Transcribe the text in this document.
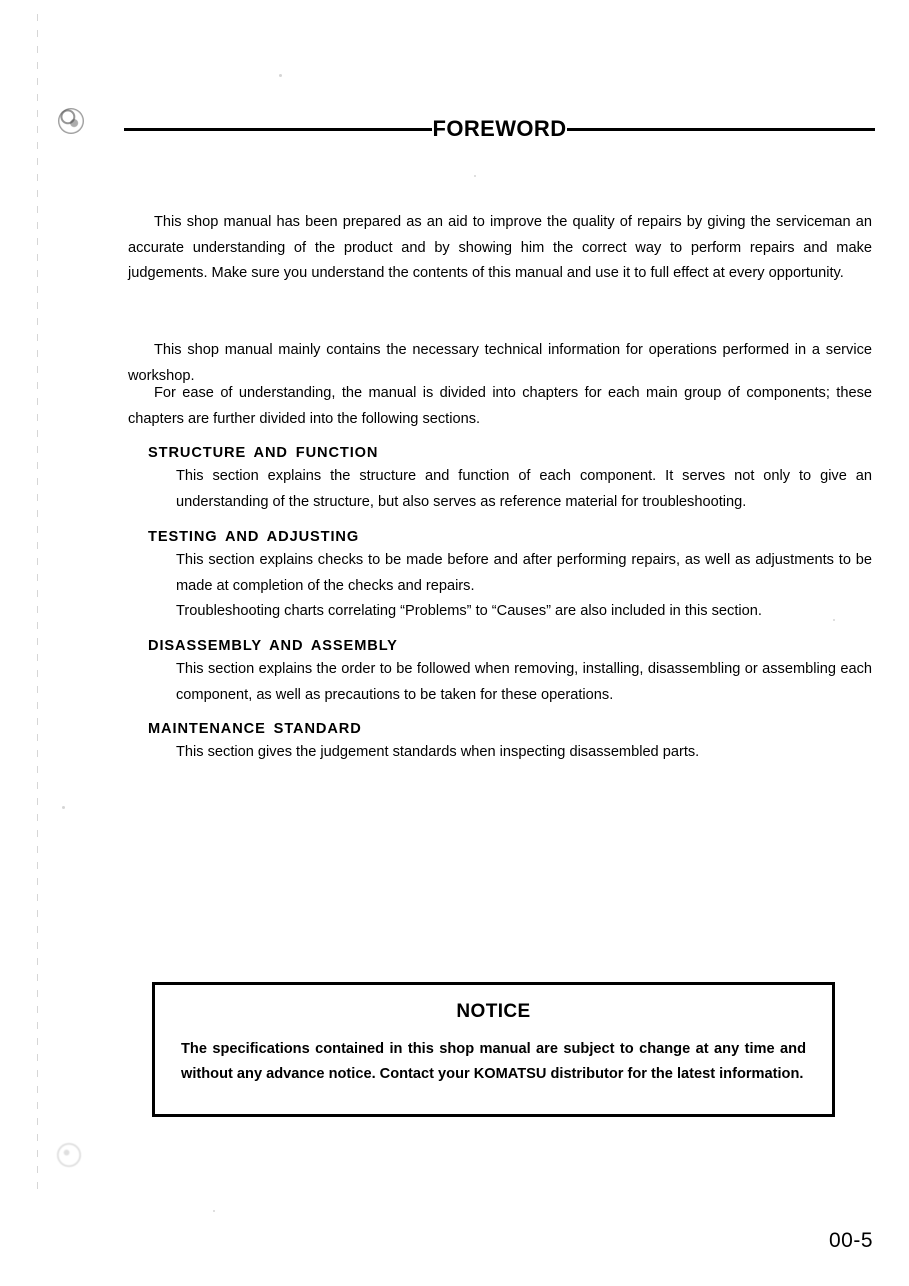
FOREWORD

This shop manual has been prepared as an aid to improve the quality of repairs by giving the serviceman an accurate understanding of the product and by showing him the correct way to perform repairs and make judgements. Make sure you understand the contents of this manual and use it to full effect at every opportunity.

This shop manual mainly contains the necessary technical information for operations performed in a service workshop.

For ease of understanding, the manual is divided into chapters for each main group of components; these chapters are further divided into the following sections.

STRUCTURE AND FUNCTION

This section explains the structure and function of each component. It serves not only to give an understanding of the structure, but also serves as reference material for troubleshooting.

TESTING AND ADJUSTING

This section explains checks to be made before and after performing repairs, as well as adjustments to be made at completion of the checks and repairs.

Troubleshooting charts correlating “Problems” to “Causes” are also included in this section.

DISASSEMBLY AND ASSEMBLY

This section explains the order to be followed when removing, installing, disassembling or assembling each component, as well as precautions to be taken for these operations.

MAINTENANCE STANDARD

This section gives the judgement standards when inspecting disassembled parts.

NOTICE

The specifications contained in this shop manual are subject to change at any time and without any advance notice. Contact your KOMATSU distributor for the latest information.

00-5
